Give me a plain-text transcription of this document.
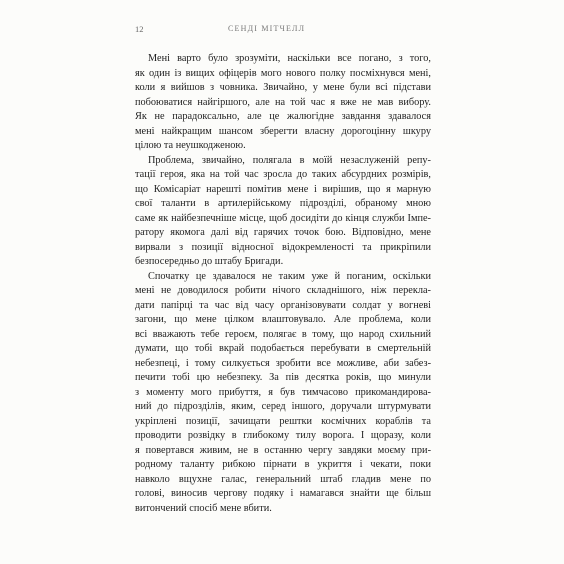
12	СЕНДІ МІТЧЕЛЛ
Мені варто було зрозуміти, наскільки все погано, з того,
як один із вищих офіцерів мого нового полку посміхнувся мені,
коли я вийшов з човника. Звичайно, у мене були всі підстави
побоюватися найгіршого, але на той час я вже не мав вибору.
Як не парадоксально, але це жалюгідне завдання здавалося
мені найкращим шансом зберегти власну дорогоцінну шкуру
цілою та неушкодженою.
Проблема, звичайно, полягала в моїй незаслуженій репу-
тації героя, яка на той час зросла до таких абсурдних розмірів,
що Комісаріат нарешті помітив мене і вирішив, що я марную
свої таланти в артилерійському підрозділі, обраному мною
саме як найбезпечніше місце, щоб досидіти до кінця служби Імпе-
ратору якомога далі від гарячих точок бою. Відповідно, мене
вирвали з позиції відносної відокремленості та прикріпили
безпосередньо до штабу Бригади.
Спочатку це здавалося не таким уже й поганим, оскільки
мені не доводилося робити нічого складнішого, ніж перекла-
дати папірці та час від часу організовувати солдат у вогневі
загони, що мене цілком влаштовувало. Але проблема, коли
всі вважають тебе героєм, полягає в тому, що народ схильний
думати, що тобі вкрай подобається перебувати в смертельній
небезпеці, і тому силкується зробити все можливе, аби забез-
печити тобі цю небезпеку. За пів десятка років, що минули
з моменту мого прибуття, я був тимчасово прикомандирова-
ний до підрозділів, яким, серед іншого, доручали штурмувати
укріплені позиції, зачищати рештки космічних кораблів та
проводити розвідку в глибокому тилу ворога. І щоразу, коли
я повертався живим, не в останню чергу завдяки моєму при-
родному таланту рибкою пірнати в укриття і чекати, поки
навколо вщухне галас, генеральний штаб гладив мене по
голові, виносив чергову подяку і намагався знайти ще більш
витончений спосіб мене вбити.
